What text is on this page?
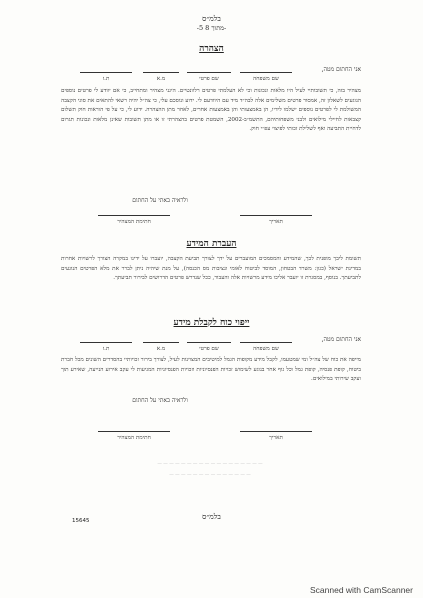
בלמ״ס
-5 מתוך 8-
הצהרה
אני החתום מטה,
שם משפחה
שם פרטי
מ.א
ת.ז
מצהיר בזה, כי תשובותיי לעיל היו מלאות ונכונות וכי לא העלמתי פרטים רלוונטיים. היגני מצהיר ומתחייב, כי אם יוודע לי פרטים נוספים הנוגעים לשאלון זה, אמסור פרטים משלימים אלה לבה״ד מיד עם היוודעם לי. ידוע ונוסכם עלי, כי צה״ל יהיה רשאי להתאים את סוגי הקצבה המשולמת לי לפרטים נוספים ישלמו לידיו, הן באמצעותי והן באמצעות אחרים, לאחר מתן ההצהרה. ידוע לי, כי על פי הוראות חוק תשלום קצבאות לחיילי מילואים ולבני משפחותיהם, התשמ״ב-2002, השמטת פרטים בהצהרתי זו או מתן תשובות שאינן מלאות ונכונות תגרום לדחיית התביעה ואף לשלילת זכותי לפיצוי עפ״י חוק.
ולראיה באתי על החתום
חתימת המצהיר	תאריך
העברת המידע
תשומת ליבך מופנית לכך, שהמידע והמסמכים המועברים על ידך לצורך תביעת הקצבה, יועברו על ידינו במקרה הצורך לרשויות אחרות במדינת ישראל (כגון: משרד הבטחון, המוסד לביטוח לאומי ונציבות מס הכנסה), על מנת שיהיה ניתן לברר את מלא הפרטים הנוגעים לתביעתך. בנוסף, במסגרת זו יועבר אליכו מידע מרשויות אלה והעבור, ככל שנדרש פרטים הדרושים לבירור תביעתך.
ייפוי כוח לקבלת מידע
אני החתום מטה,
שם משפחה
שם פרטי
מ.א
ת.ז
מייפה את כוח של צה״ל ומי שמטעמו, לקבל מידע מקופות הגמל למיטיבים המצוינות לעיל, לצורך בירור זכויותיי בהסדרים השונים מכל חברת ביטוח, קופת פנסיה, קופת גמל וכל גוף אחר בנוגע לשימוש זכויות הפנסיוניות וזכויות הפנסיוניות המגיעות לי עקב אירוע הנייעה, שאירע תוך ועקב שירותי במילואים.
ולראיה באתי על החתום
חתימת המצהיר	תאריך
— — — — — — — — — — — — — — — — — —
— — — — — — — — — — — — — —
15645	בלמ״ס
Scanned with CamScanner
